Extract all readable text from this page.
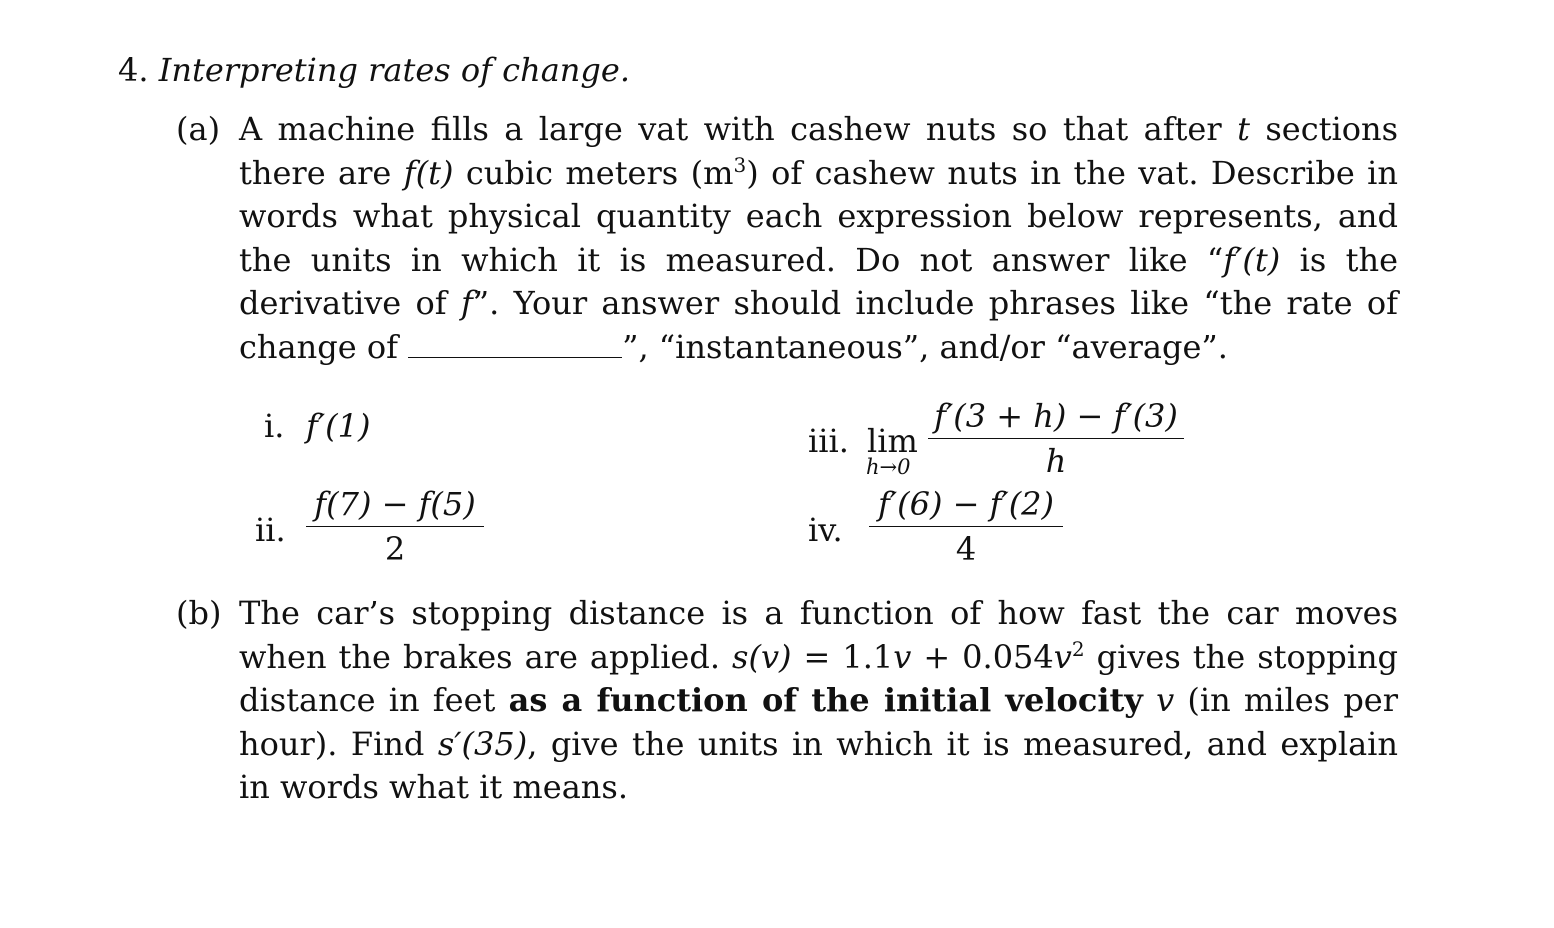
4. Interpreting rates of change.
(a) A machine fills a large vat with cashew nuts so that after t sections there are f(t) cubic meters $(m^3)$ of cashew nuts in the vat. Describe in words what physical quantity each expression below represents, and the units in which it is measured. Do not answer like “f′(t) is the derivative of f”. Your answer should include phrases like “the rate of change of	”, “instantaneous”, and/or “average”.
i. f′(1)
ii.
f(7) − f(5)
2
iii. lim
h→0
f′(3 + h) − f′(3)
h
iv.
f′(6) − f′(2)
4
(b) The car’s stopping distance is a function of how fast the car moves when the brakes are applied. $s(v) = 1.1v + 0.054v^2$ gives the stopping distance in feet as a function of the initial velocity v (in miles per hour). Find s′(35), give the units in which it is measured, and explain in words what it means.
